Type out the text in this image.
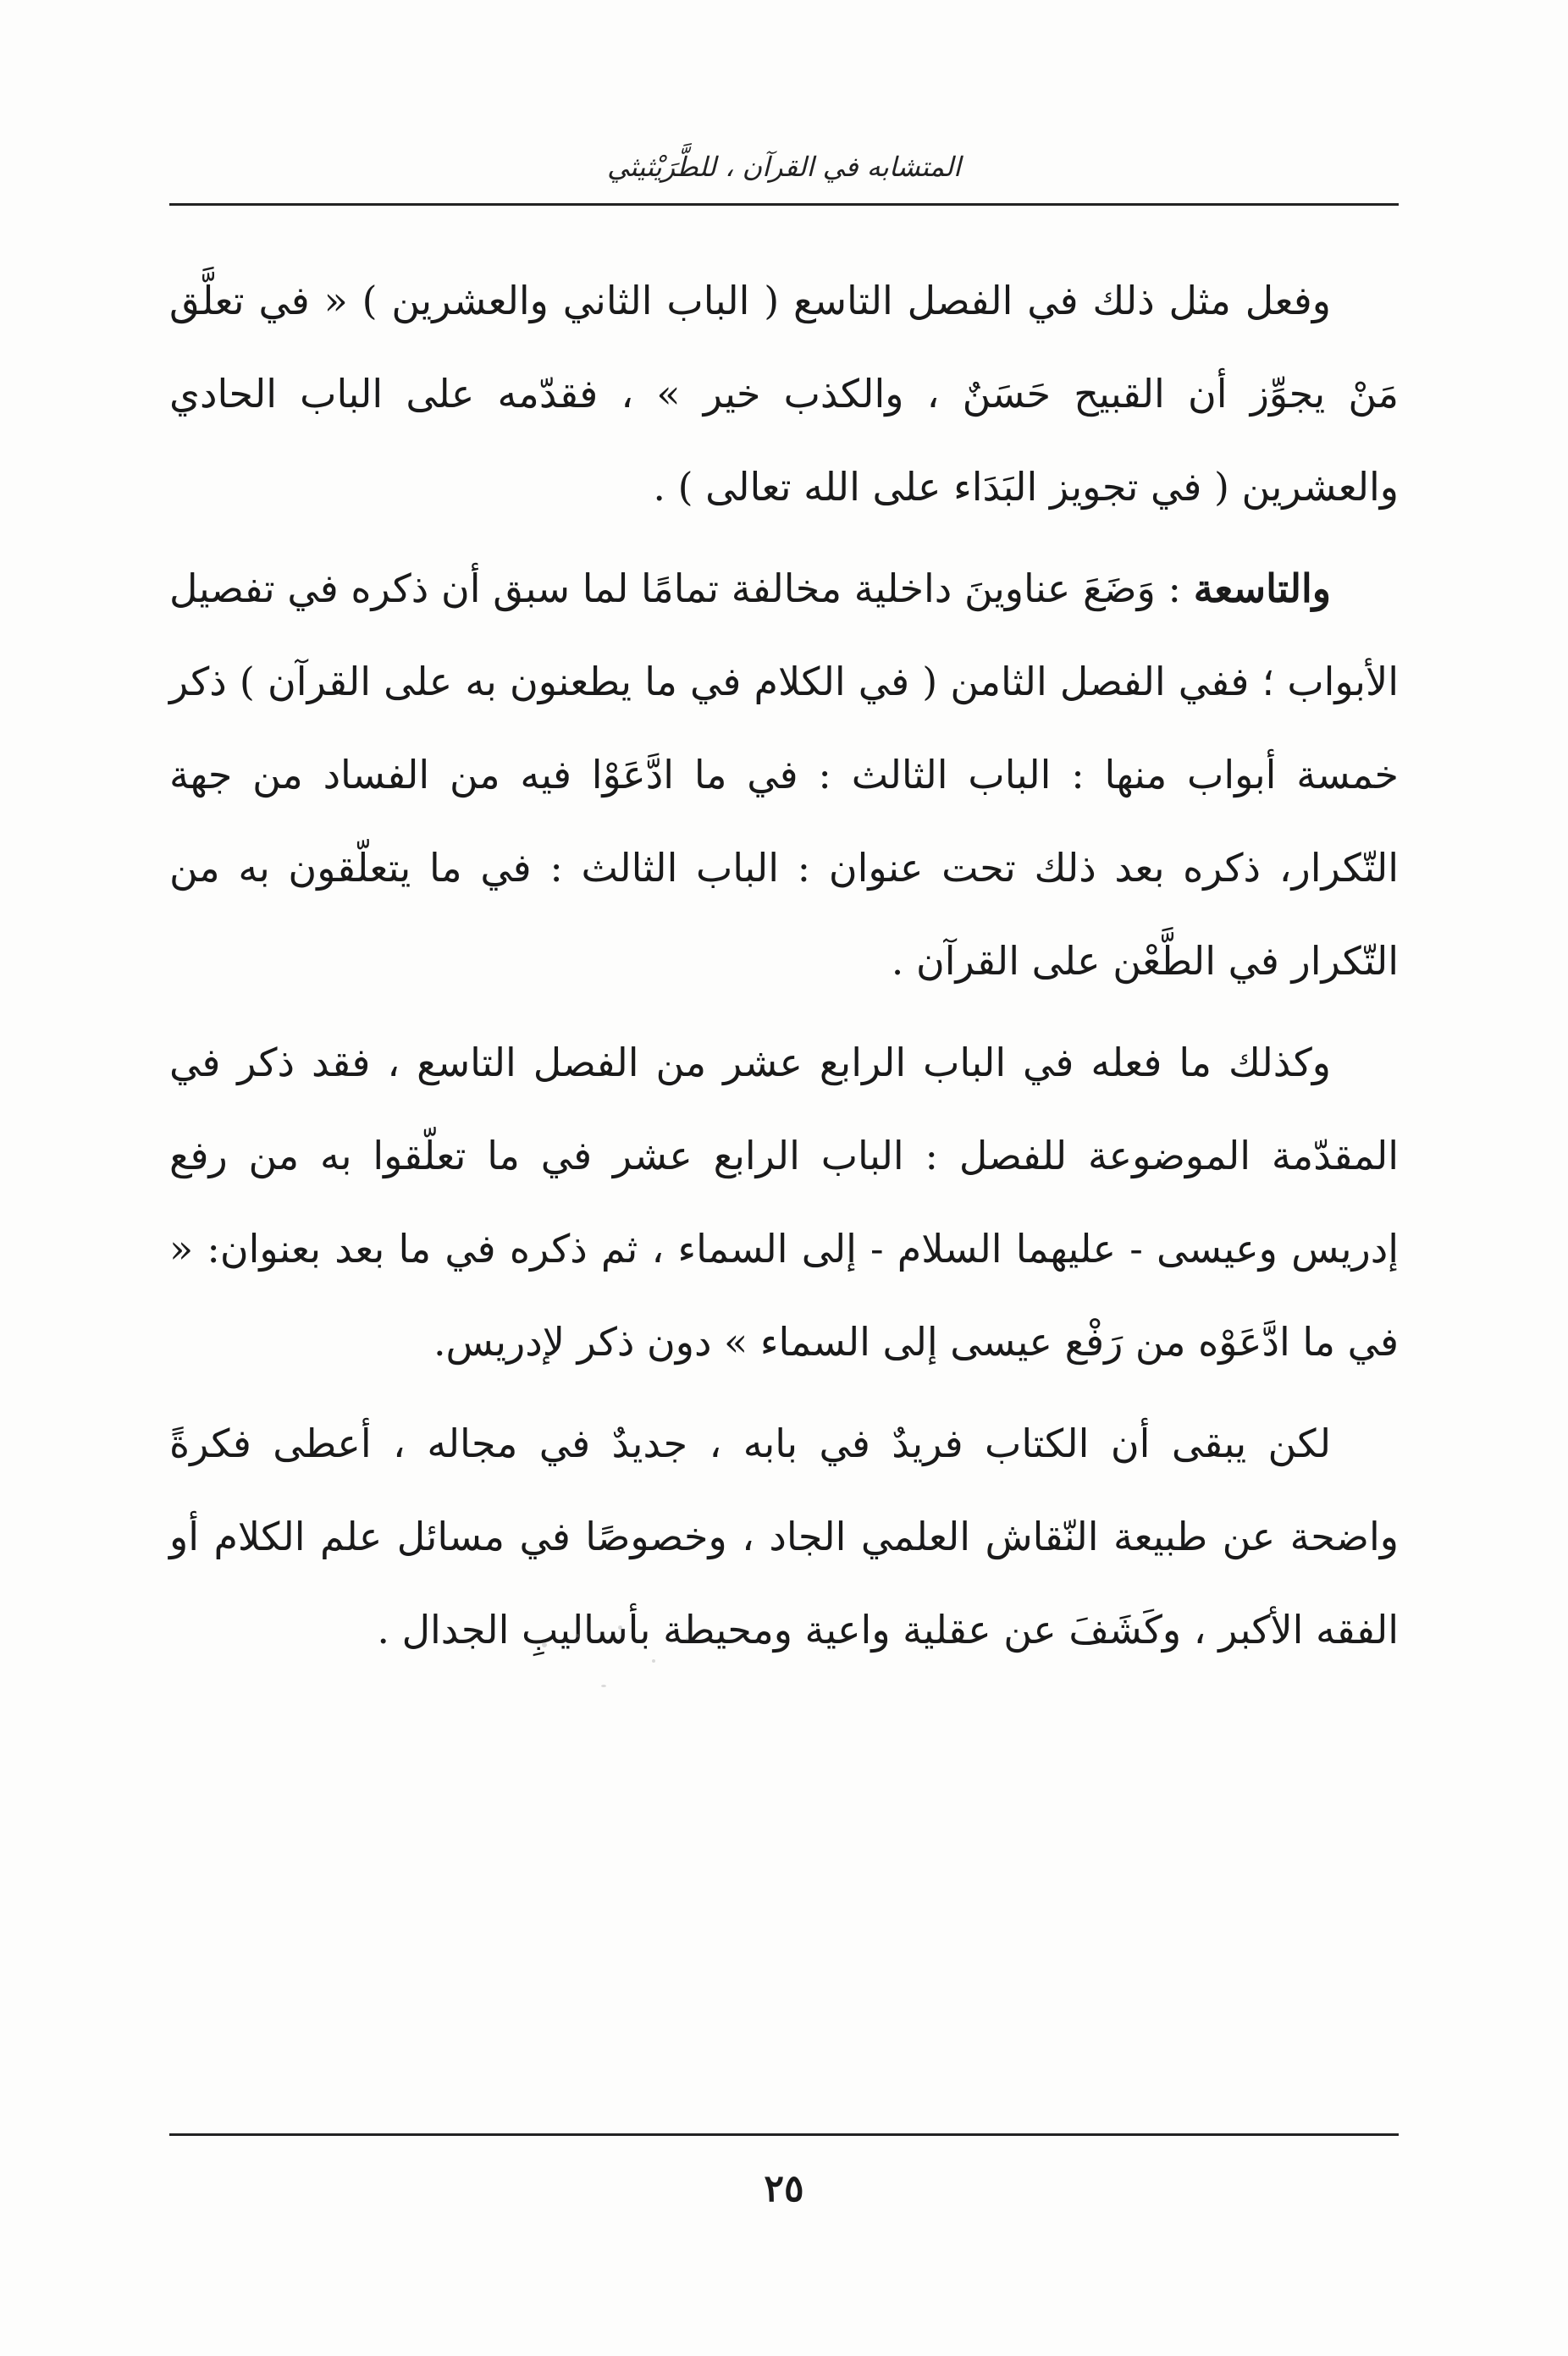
المتشابه في القرآن ، للطَّرَيْثيثي

وفعل مثل ذلك في الفصل التاسع ( الباب الثاني والعشرين ) « في تعلَّق مَنْ يجوِّز أن القبيح حَسَنٌ ، والكذب خير » ، فقدّمه على الباب الحادي والعشرين ( في تجويز البَدَاء على الله تعالى ) .

والتاسعة : وَضَعَ عناوينَ داخلية مخالفة تمامًا لما سبق أن ذكره في تفصيل الأبواب ؛ ففي الفصل الثامن ( في الكلام في ما يطعنون به على القرآن ) ذكر خمسة أبواب منها : الباب الثالث : في ما ادَّعَوْا فيه من الفساد من جهة التّكرار، ذكره بعد ذلك تحت عنوان : الباب الثالث : في ما يتعلّقون به من التّكرار في الطَّعْن على القرآن .

وكذلك ما فعله في الباب الرابع عشر من الفصل التاسع ، فقد ذكر في المقدّمة الموضوعة للفصل : الباب الرابع عشر في ما تعلّقوا به من رفع إدريس وعيسى - عليهما السلام - إلى السماء ، ثم ذكره في ما بعد بعنوان: « في ما ادَّعَوْه من رَفْع عيسى إلى السماء » دون ذكر لإدريس.

لكن يبقى أن الكتاب فريدٌ في بابه ، جديدٌ في مجاله ، أعطى فكرةً واضحة عن طبيعة النّقاش العلمي الجاد ، وخصوصًا في مسائل علم الكلام أو الفقه الأكبر ، وكَشَفَ عن عقلية واعية ومحيطة بأساليبِ الجدال .

٢٥
